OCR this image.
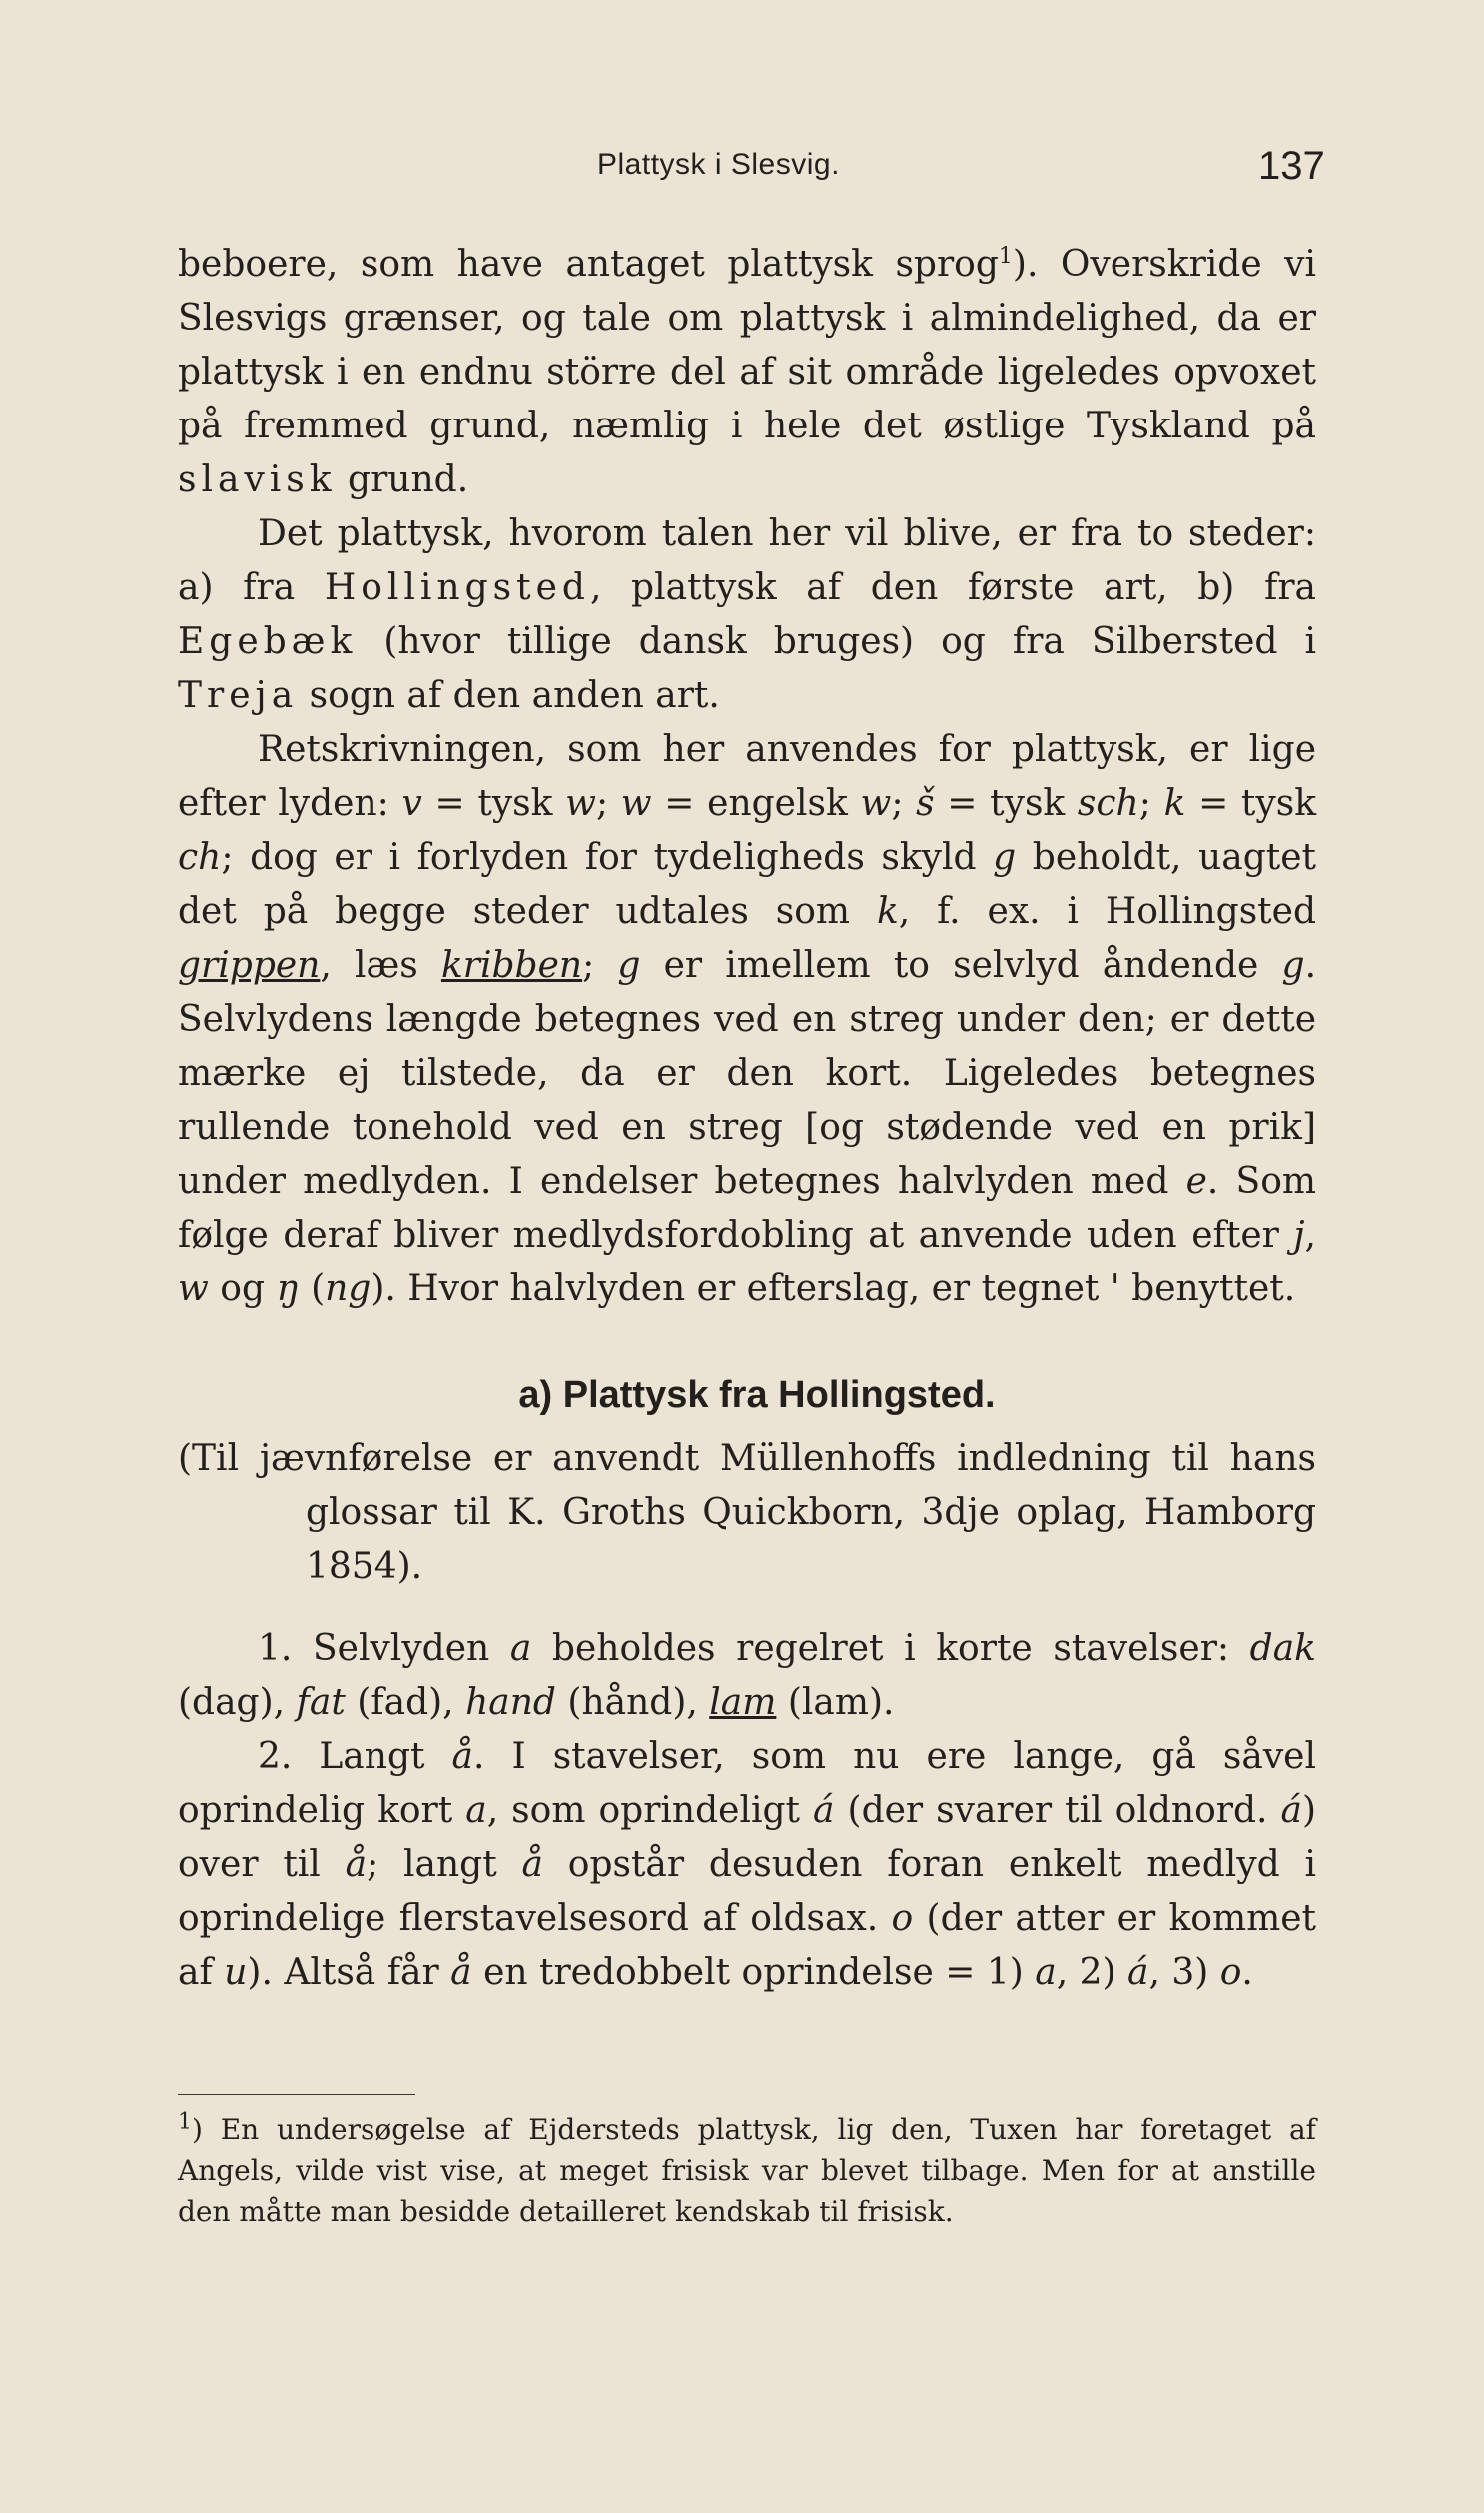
Plattysk i Slesvig.	137

beboere, som have antaget plattysk sprog$^1$). Overskride vi Slesvigs grænser, og tale om plattysk i almindelighed, da er plattysk i en endnu större del af sit område ligeledes opvoxet på fremmed grund, næmlig i hele det østlige Tyskland på slavisk grund.

Det plattysk, hvorom talen her vil blive, er fra to steder: a) fra Hollingsted, plattysk af den første art, b) fra Egebæk (hvor tillige dansk bruges) og fra Silbersted i Treja sogn af den anden art.

Retskrivningen, som her anvendes for plattysk, er lige efter lyden: v = tysk w; w = engelsk w; š = tysk sch; k = tysk ch; dog er i forlyden for tydeligheds skyld g beholdt, uagtet det på begge steder udtales som k, f. ex. i Hollingsted grippen, læs kribben; g er imellem to selvlyd åndende g. Selvlydens længde betegnes ved en streg under den; er dette mærke ej tilstede, da er den kort. Ligeledes betegnes rullende tonehold ved en streg [og stødende ved en prik] under medlyden. I endelser betegnes halvlyden med e. Som følge deraf bliver medlydsfordobling at anvende uden efter j, w og ŋ (ng). Hvor halvlyden er efterslag, er tegnet ' benyttet.

a) Plattysk fra Hollingsted.

(Til jævnførelse er anvendt Müllenhoffs indledning til hans glossar til K. Groths Quickborn, 3dje oplag, Hamborg 1854).

1. Selvlyden a beholdes regelret i korte stavelser: dak (dag), fat (fad), hand (hånd), lam (lam).

2. Langt å. I stavelser, som nu ere lange, gå såvel oprindelig kort a, som oprindeligt á (der svarer til oldnord. á) over til å; langt å opstår desuden foran enkelt medlyd i oprindelige flerstavelsesord af oldsax. o (der atter er kommet af u). Altså får å en tredobbelt oprindelse = 1) a, 2) á, 3) o.

$^1$) En undersøgelse af Ejdersteds plattysk, lig den, Tuxen har foretaget af Angels, vilde vist vise, at meget frisisk var blevet tilbage. Men for at anstille den måtte man besidde detailleret kendskab til frisisk.
